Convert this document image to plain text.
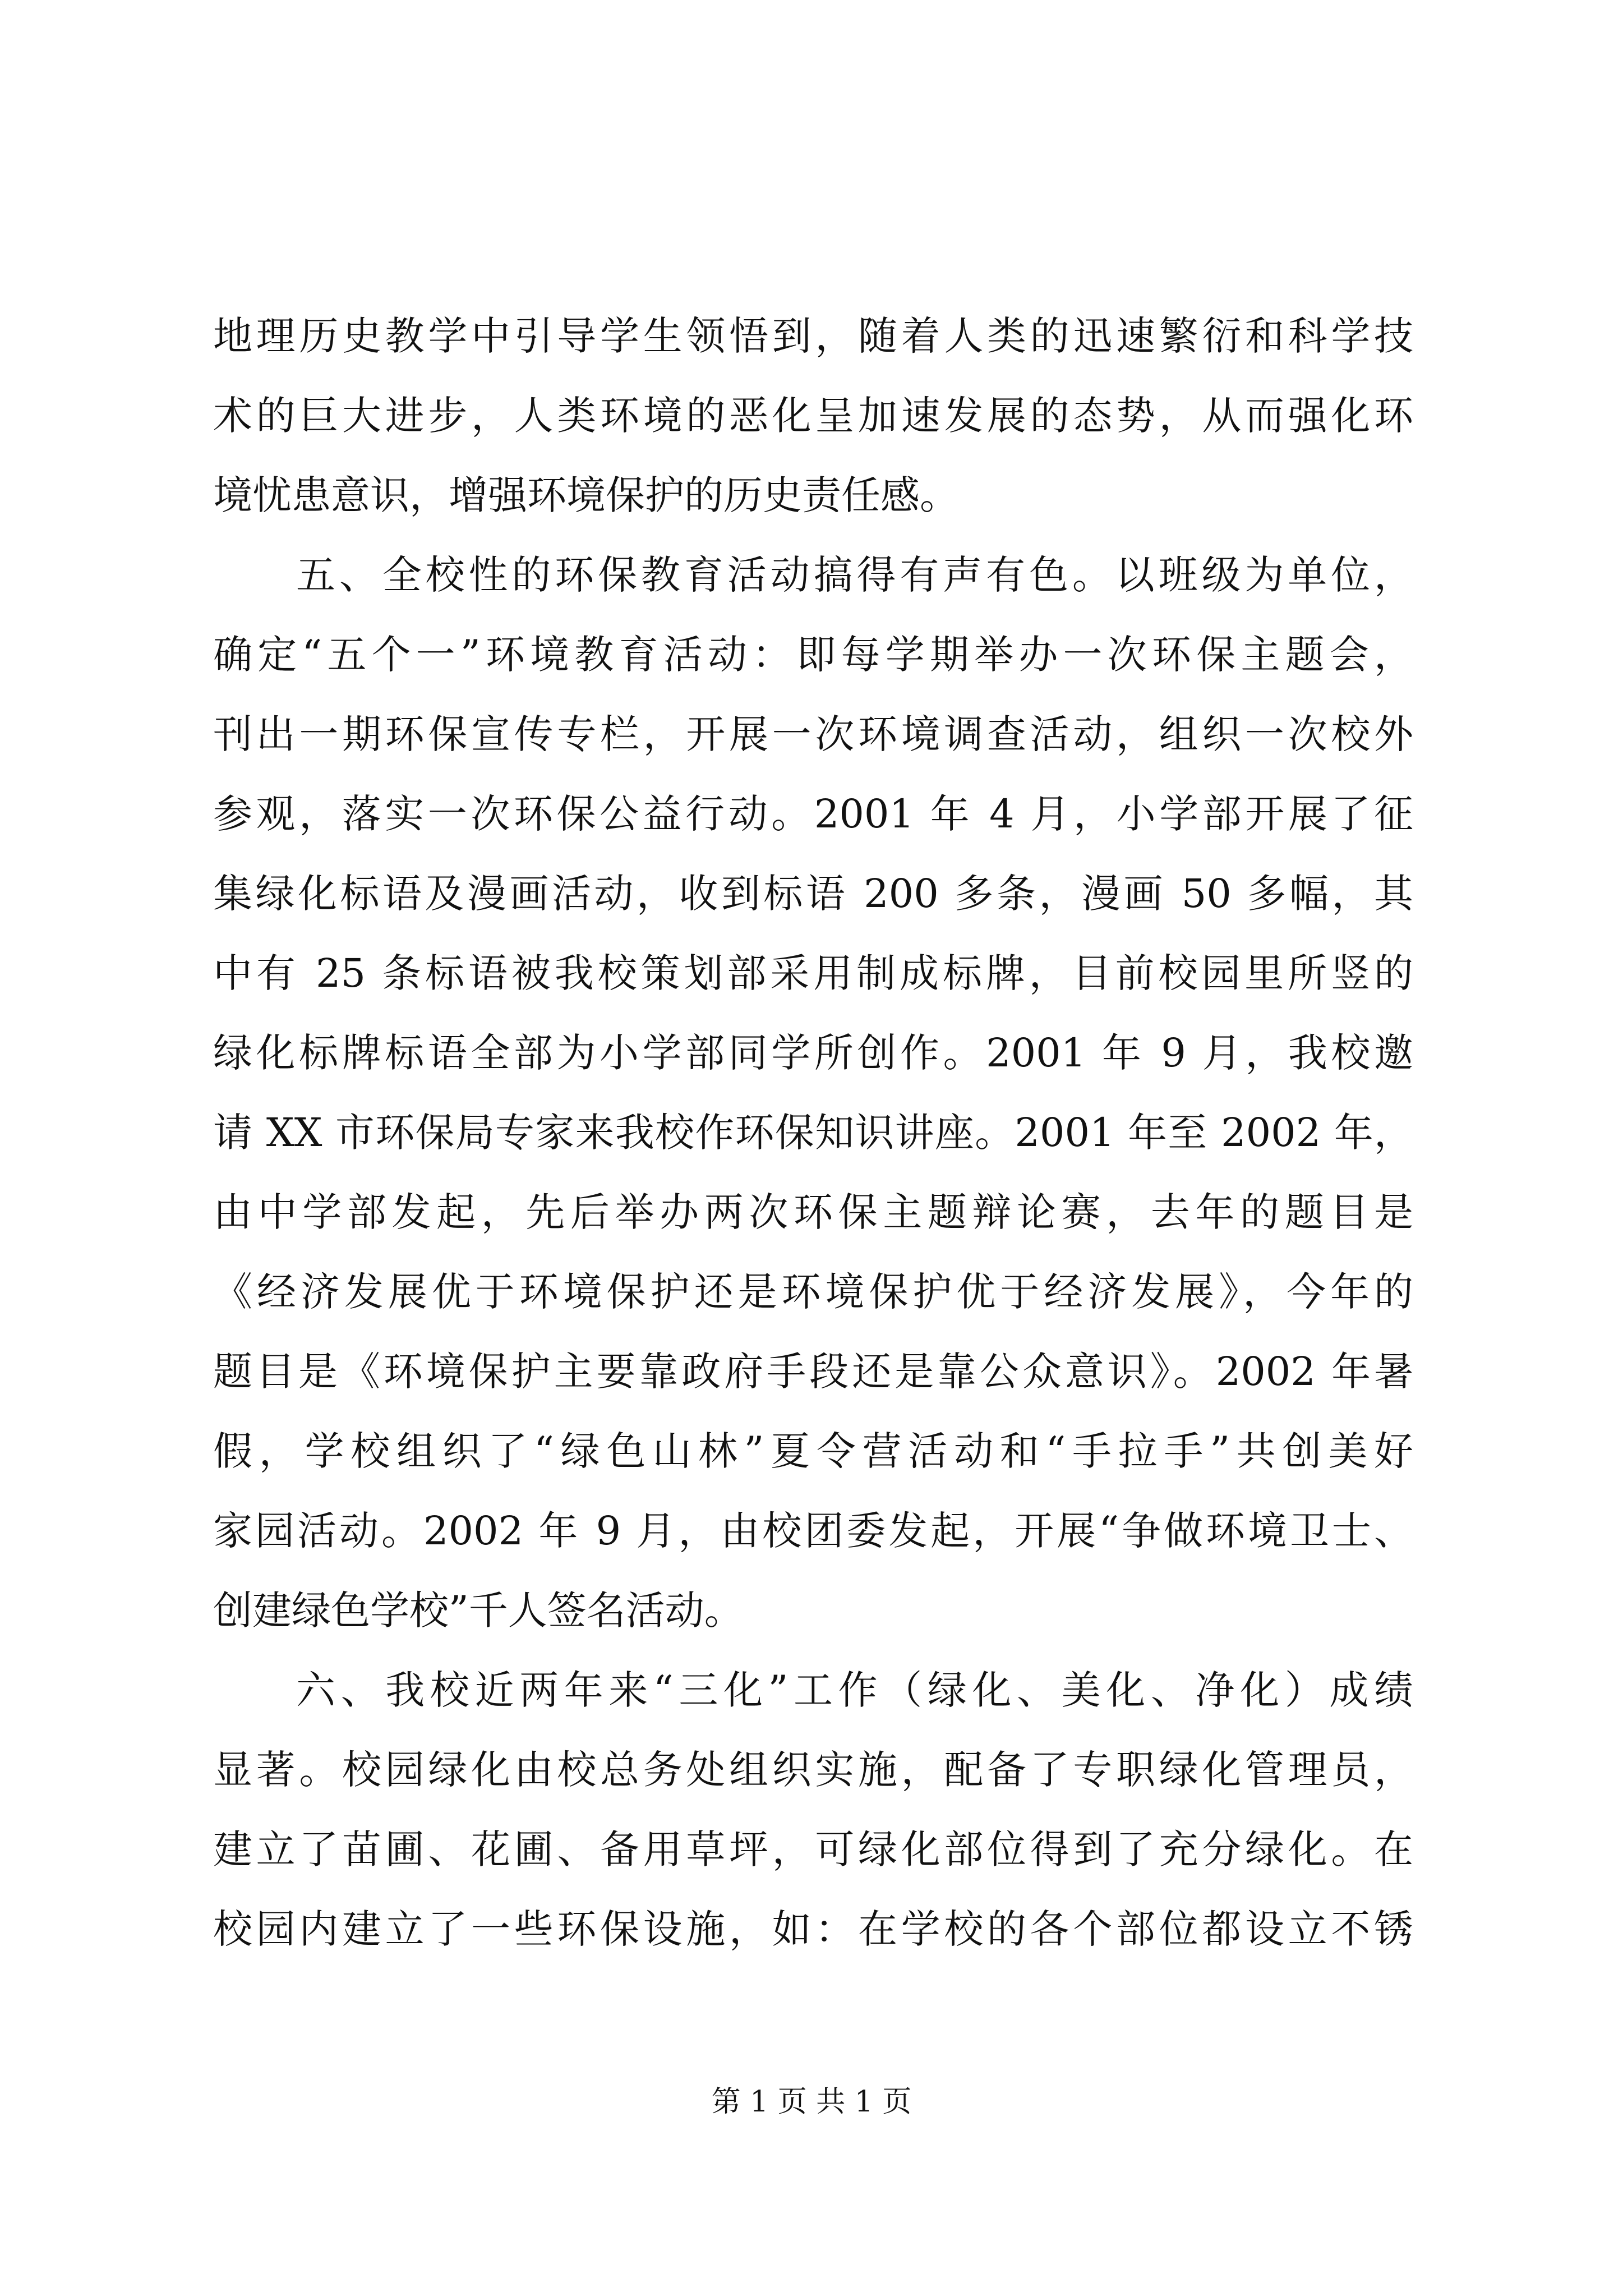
地理历史教学中引导学生领悟到，随着人类的迅速繁衍和科学技
术的巨大进步，人类环境的恶化呈加速发展的态势，从而强化环
境忧患意识，增强环境保护的历史责任感。
五、全校性的环保教育活动搞得有声有色。以班级为单位，
确定“五个一”环境教育活动：即每学期举办一次环保主题会，
刊出一期环保宣传专栏，开展一次环境调查活动，组织一次校外
参观，落实一次环保公益行动。2001 年 4 月，小学部开展了征
集绿化标语及漫画活动，收到标语 200 多条，漫画 50 多幅，其
中有 25 条标语被我校策划部采用制成标牌，目前校园里所竖的
绿化标牌标语全部为小学部同学所创作。2001 年 9 月，我校邀
请 XX 市环保局专家来我校作环保知识讲座。2001 年至 2002 年，
由中学部发起，先后举办两次环保主题辩论赛，去年的题目是
《经济发展优于环境保护还是环境保护优于经济发展》，今年的
题目是《环境保护主要靠政府手段还是靠公众意识》。2002 年暑
假，学校组织了“绿色山林”夏令营活动和“手拉手”共创美好
家园活动。2002 年 9 月，由校团委发起，开展“争做环境卫士、
创建绿色学校”千人签名活动。
六、我校近两年来“三化”工作（绿化、美化、净化）成绩
显著。校园绿化由校总务处组织实施，配备了专职绿化管理员，
建立了苗圃、花圃、备用草坪，可绿化部位得到了充分绿化。在
校园内建立了一些环保设施，如：在学校的各个部位都设立不锈
第 1 页 共 1 页
